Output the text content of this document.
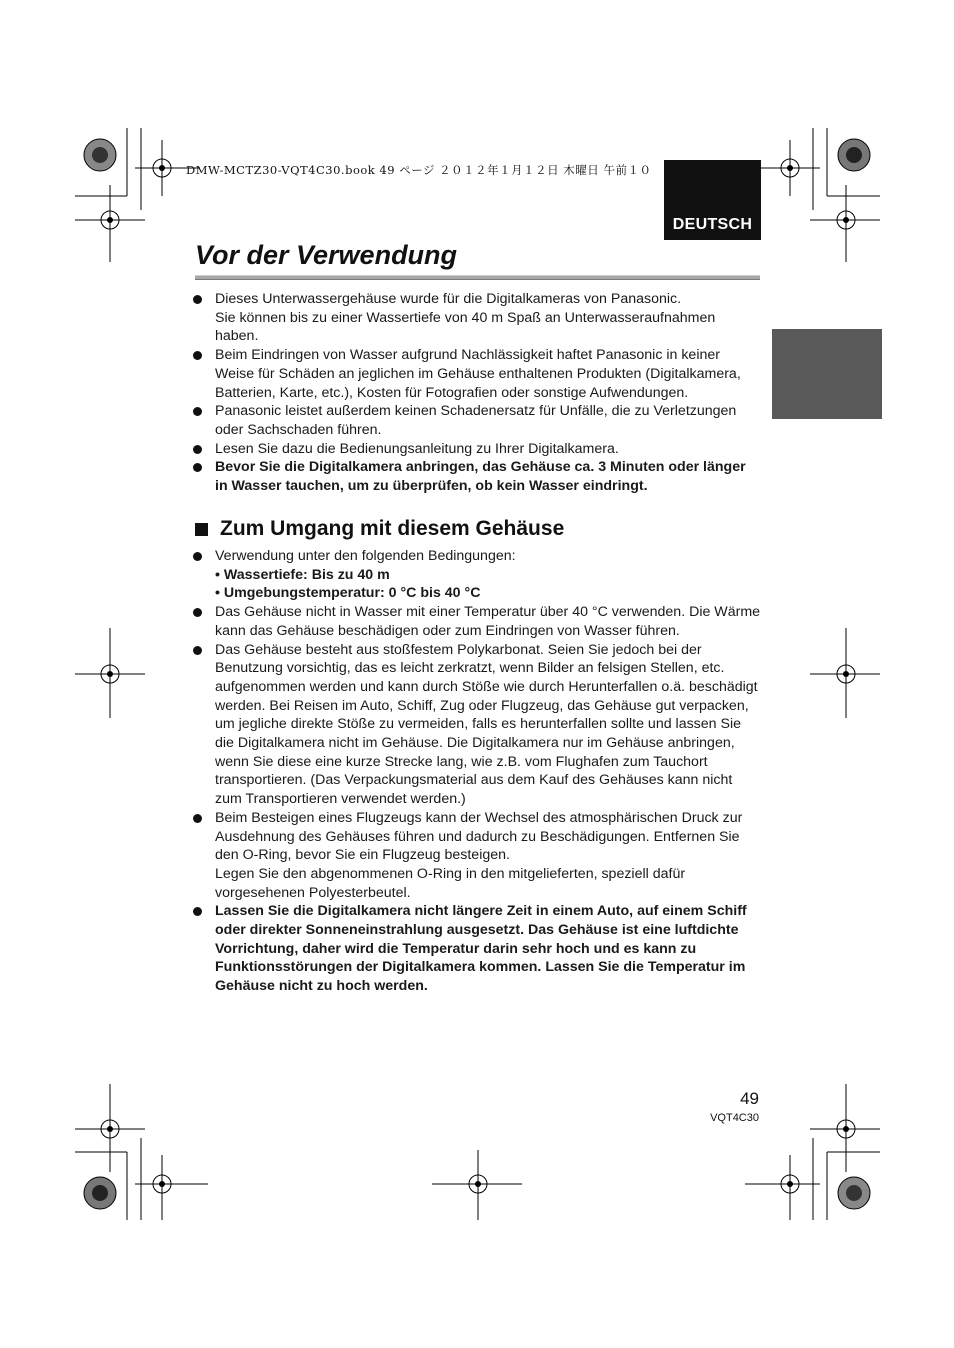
DMW-MCTZ30-VQT4C30.book 49 ページ ２０１２年１月１２日 木曜日 午前１０
DEUTSCH
Vor der Verwendung
Dieses Unterwassergehäuse wurde für die Digitalkameras von Panasonic.
Sie können bis zu einer Wassertiefe von 40 m Spaß an Unterwasseraufnahmen haben.
Beim Eindringen von Wasser aufgrund Nachlässigkeit haftet Panasonic in keiner Weise für Schäden an jeglichen im Gehäuse enthaltenen Produkten (Digitalkamera, Batterien, Karte, etc.), Kosten für Fotografien oder sonstige Aufwendungen.
Panasonic leistet außerdem keinen Schadenersatz für Unfälle, die zu Verletzungen oder Sachschaden führen.
Lesen Sie dazu die Bedienungsanleitung zu Ihrer Digitalkamera.
Bevor Sie die Digitalkamera anbringen, das Gehäuse ca. 3 Minuten oder länger in Wasser tauchen, um zu überprüfen, ob kein Wasser eindringt.
Zum Umgang mit diesem Gehäuse
Verwendung unter den folgenden Bedingungen:
• Wassertiefe: Bis zu 40 m
• Umgebungstemperatur: 0 °C bis 40 °C
Das Gehäuse nicht in Wasser mit einer Temperatur über 40 °C verwenden. Die Wärme kann das Gehäuse beschädigen oder zum Eindringen von Wasser führen.
Das Gehäuse besteht aus stoßfestem Polykarbonat. Seien Sie jedoch bei der Benutzung vorsichtig, das es leicht zerkratzt, wenn Bilder an felsigen Stellen, etc. aufgenommen werden und kann durch Stöße wie durch Herunterfallen o.ä. beschädigt werden. Bei Reisen im Auto, Schiff, Zug oder Flugzeug, das Gehäuse gut verpacken, um jegliche direkte Stöße zu vermeiden, falls es herunterfallen sollte und lassen Sie die Digitalkamera nicht im Gehäuse. Die Digitalkamera nur im Gehäuse anbringen, wenn Sie diese eine kurze Strecke lang, wie z.B. vom Flughafen zum Tauchort transportieren. (Das Verpackungsmaterial aus dem Kauf des Gehäuses kann nicht zum Transportieren verwendet werden.)
Beim Besteigen eines Flugzeugs kann der Wechsel des atmosphärischen Druck zur Ausdehnung des Gehäuses führen und dadurch zu Beschädigungen. Entfernen Sie den O-Ring, bevor Sie ein Flugzeug besteigen.
Legen Sie den abgenommenen O-Ring in den mitgelieferten, speziell dafür vorgesehenen Polyesterbeutel.
Lassen Sie die Digitalkamera nicht längere Zeit in einem Auto, auf einem Schiff oder direkter Sonneneinstrahlung ausgesetzt. Das Gehäuse ist eine luftdichte Vorrichtung, daher wird die Temperatur darin sehr hoch und es kann zu Funktionsstörungen der Digitalkamera kommen. Lassen Sie die Temperatur im Gehäuse nicht zu hoch werden.
49
VQT4C30
